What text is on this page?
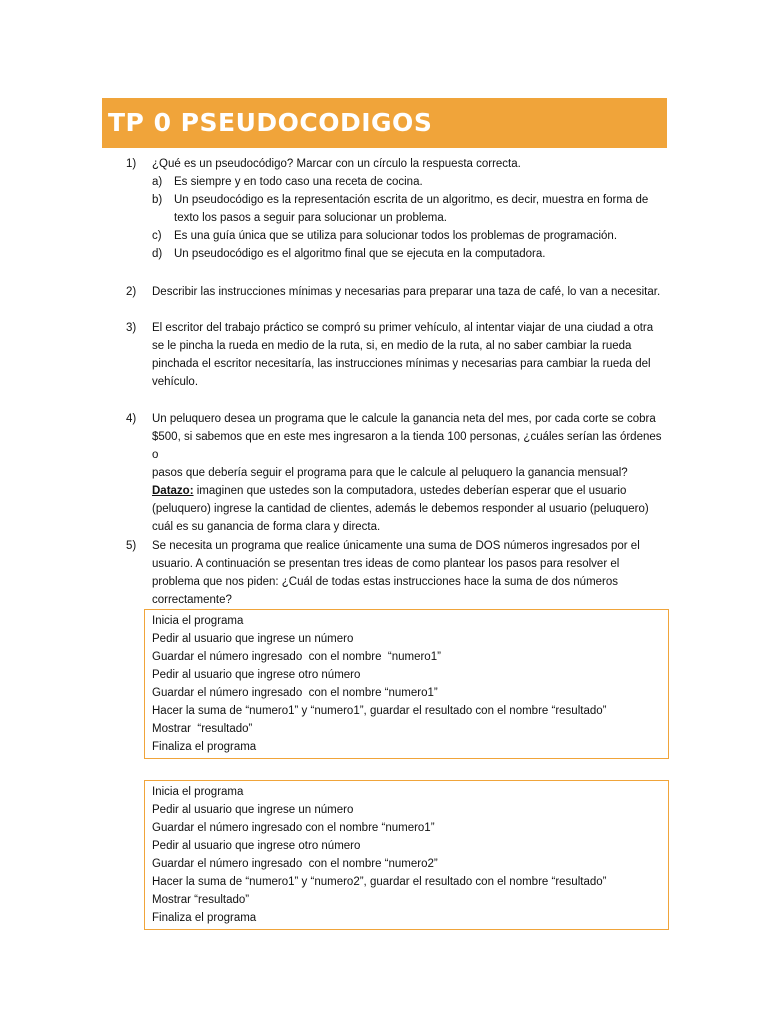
TP 0 PSEUDOCODIGOS
1) ¿Qué es un pseudocódigo? Marcar con un círculo la respuesta correcta.
a) Es siempre y en todo caso una receta de cocina.
b) Un pseudocódigo es la representación escrita de un algoritmo, es decir, muestra en forma de
texto los pasos a seguir para solucionar un problema.
c) Es una guía única que se utiliza para solucionar todos los problemas de programación.
d) Un pseudocódigo es el algoritmo final que se ejecuta en la computadora.
2) Describir las instrucciones mínimas y necesarias para preparar una taza de café, lo van a necesitar.
3) El escritor del trabajo práctico se compró su primer vehículo, al intentar viajar de una ciudad a otra
se le pincha la rueda en medio de la ruta, si, en medio de la ruta, al no saber cambiar la rueda
pinchada el escritor necesitaría, las instrucciones mínimas y necesarias para cambiar la rueda del
vehículo.
4) Un peluquero desea un programa que le calcule la ganancia neta del mes, por cada corte se cobra
$500, si sabemos que en este mes ingresaron a la tienda 100 personas, ¿cuáles serían las órdenes o
pasos que debería seguir el programa para que le calcule al peluquero la ganancia mensual?
Datazo: imaginen que ustedes son la computadora, ustedes deberían esperar que el usuario
(peluquero) ingrese la cantidad de clientes, además le debemos responder al usuario (peluquero)
cuál es su ganancia de forma clara y directa.
5) Se necesita un programa que realice únicamente una suma de DOS números ingresados por el
usuario. A continuación se presentan tres ideas de como plantear los pasos para resolver el
problema que nos piden: ¿Cuál de todas estas instrucciones hace la suma de dos números
correctamente?
Inicia el programa
Pedir al usuario que ingrese un número
Guardar el número ingresado  con el nombre  “numero1”
Pedir al usuario que ingrese otro número
Guardar el número ingresado  con el nombre “numero1”
Hacer la suma de “numero1” y “numero1”, guardar el resultado con el nombre “resultado”
Mostrar  “resultado”
Finaliza el programa
Inicia el programa
Pedir al usuario que ingrese un número
Guardar el número ingresado con el nombre “numero1”
Pedir al usuario que ingrese otro número
Guardar el número ingresado  con el nombre “numero2”
Hacer la suma de “numero1” y “numero2”, guardar el resultado con el nombre “resultado”
Mostrar “resultado”
Finaliza el programa
